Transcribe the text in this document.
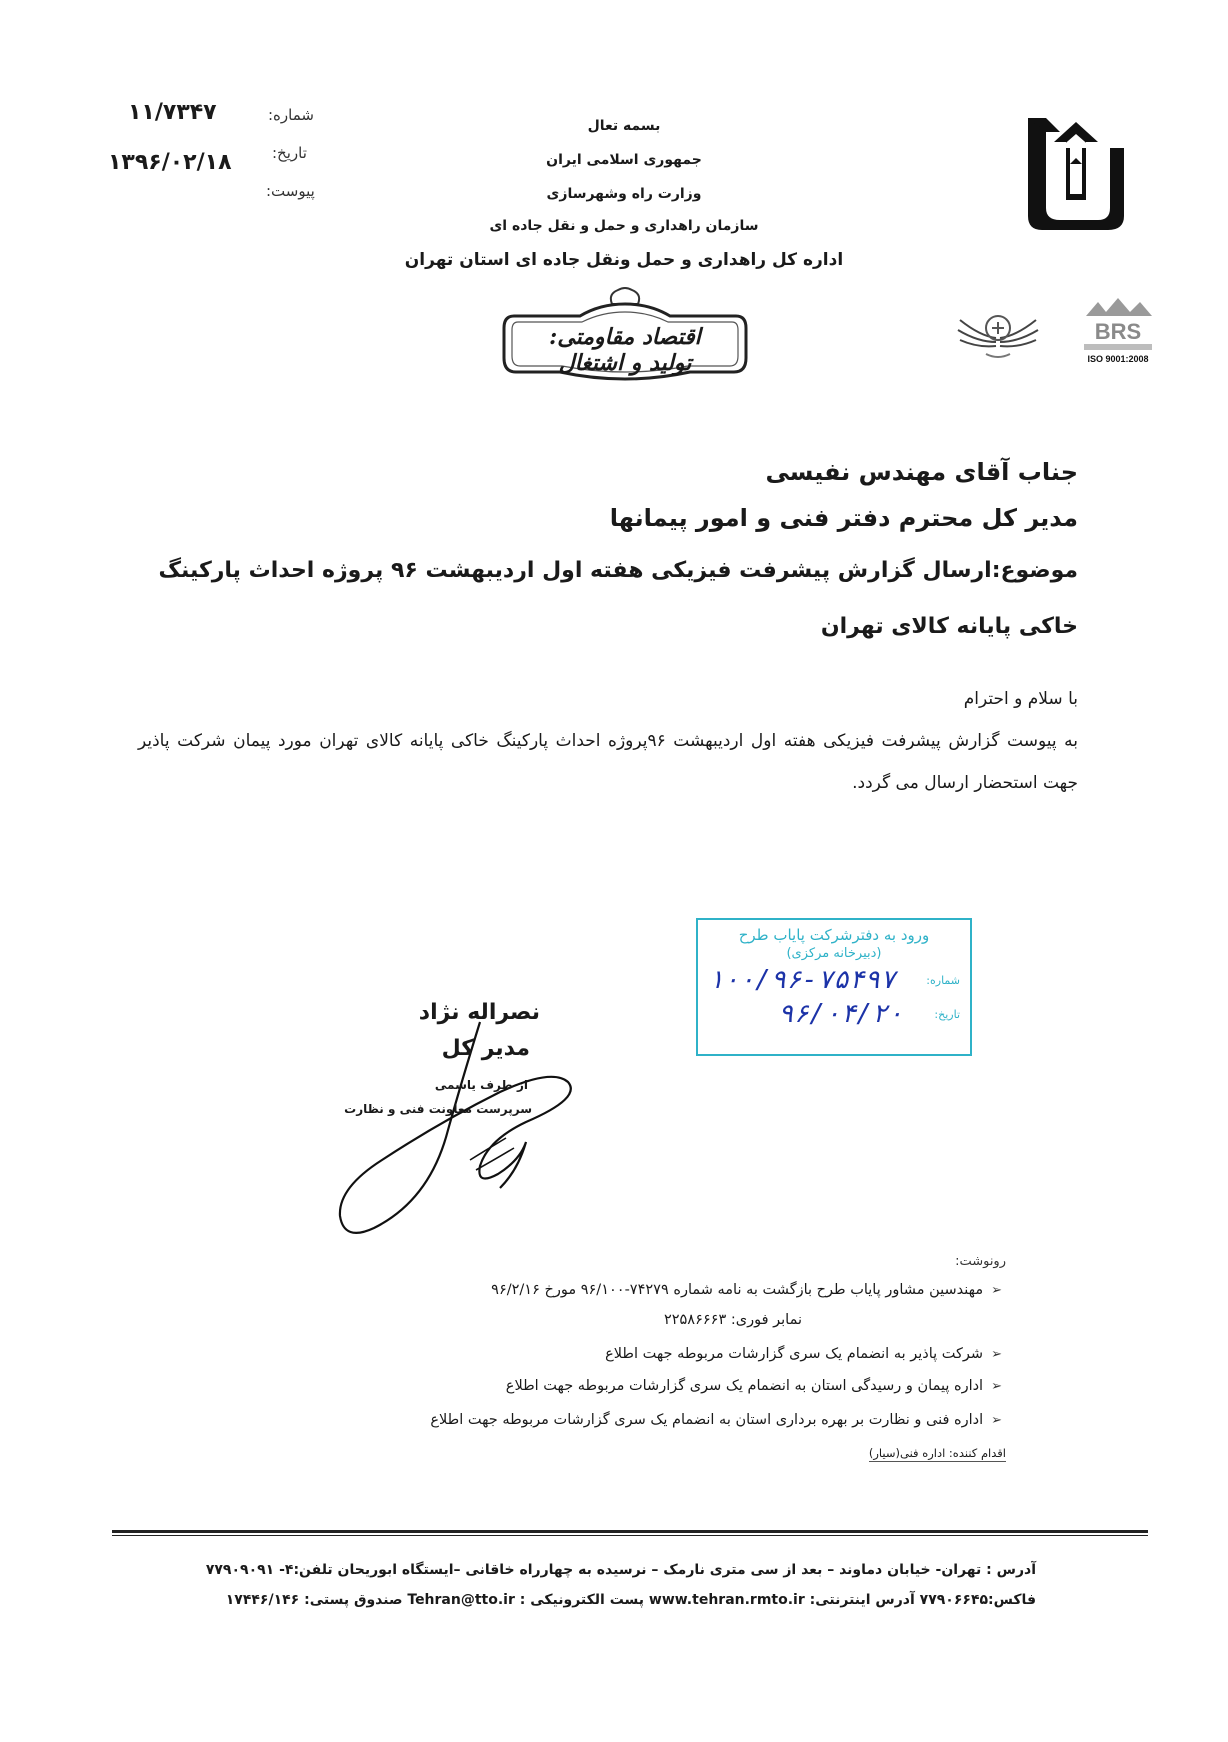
شماره:
۱۱/۷۳۴۷
تاریخ:
۱۳۹۶/۰۲/۱۸
پیوست:
بسمه تعال
جمهوری اسلامی ایران
وزارت راه وشهرسازی
سازمان راهداری و حمل و نقل جاده ای
اداره کل راهداری و حمل ونقل جاده ای استان تهران
BRS
ISO 9001:2008
اقتصاد مقاومتی: تولید و اشتغال
جناب آقای مهندس نفیسی
مدیر کل محترم دفتر فنی و امور پیمانها
موضوع:ارسال گزارش پیشرفت فیزیکی هفته اول اردیبهشت ۹۶ پروژه احداث پارکینگ خاکی پایانه کالای تهران
با سلام و احترام
به پیوست گزارش پیشرفت فیزیکی هفته اول اردیبهشت ۹۶پروژه احداث پارکینگ خاکی پایانه کالای تهران مورد پیمان شرکت پاذیر جهت استحضار ارسال می گردد.
ورود به دفترشرکت پایاب طرح
(دبیرخانه مرکزی)
شماره:
۱۰۰/۹۶-۷۵۴۹۷
تاریخ:
۹۶/۰۴/۲۰
نصراله نژاد
مدیر کل
از طرف یاسمی
سرپرست معاونت فنی و نظارت
رونوشت:
➢
مهندسین مشاور پایاب طرح بازگشت به نامه شماره ۷۴۲۷۹-۹۶/۱۰۰ مورخ ۹۶/۲/۱۶
نمابر فوری: ۲۲۵۸۶۶۶۳
➢
شرکت پاذیر به انضمام یک سری گزارشات مربوطه جهت اطلاع
➢
اداره پیمان و رسیدگی استان به انضمام یک سری گزارشات مربوطه جهت اطلاع
➢
اداره فنی و نظارت بر بهره برداری استان به انضمام یک سری گزارشات مربوطه جهت اطلاع
اقدام کننده: اداره فنی(سیار)
آدرس : تهران- خیابان دماوند – بعد از سی متری نارمک – نرسیده به چهارراه خاقانی –ایستگاه ابوریحان تلفن:۴- ۷۷۹۰۹۰۹۱
فاکس:۷۷۹۰۶۶۴۵ آدرس اینترنتی: www.tehran.rmto.ir پست الکترونیکی : Tehran@tto.ir صندوق پستی: ۱۷۴۴۶/۱۴۶
